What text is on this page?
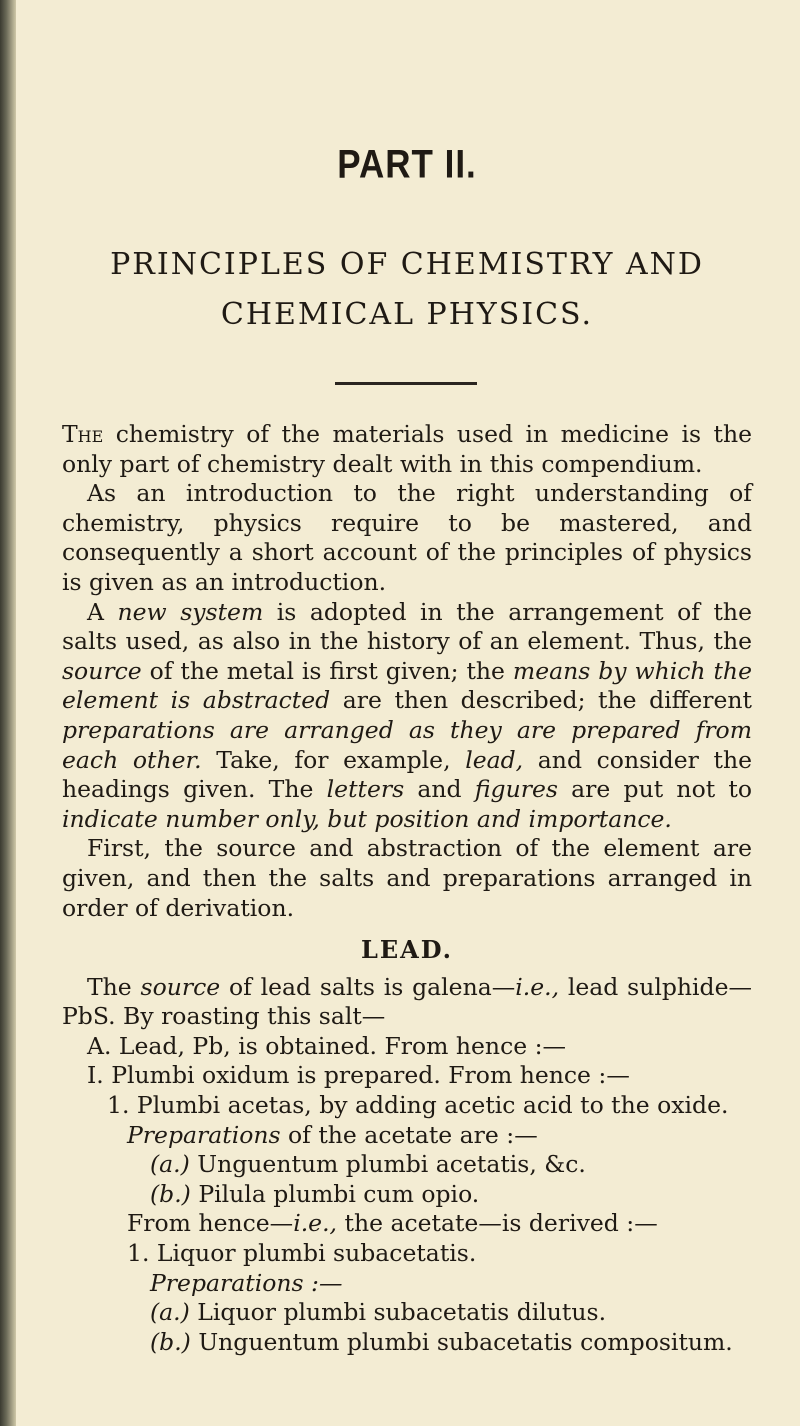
PART II.
PRINCIPLES OF CHEMISTRY AND
CHEMICAL PHYSICS.

The chemistry of the materials used in medicine is the only part of chemistry dealt with in this compendium.

As an introduction to the right understanding of chemistry, physics require to be mastered, and consequently a short account of the principles of physics is given as an introduction.

A new system is adopted in the arrangement of the salts used, as also in the history of an element. Thus, the source of the metal is first given; the means by which the element is abstracted are then described; the different preparations are arranged as they are prepared from each other. Take, for example, lead, and consider the headings given. The letters and figures are put not to indicate number only, but position and importance.

First, the source and abstraction of the element are given, and then the salts and preparations arranged in order of derivation.

LEAD.

The source of lead salts is galena—i.e., lead sulphide—PbS. By roasting this salt—

A. Lead, Pb, is obtained. From hence :—
I. Plumbi oxidum is prepared. From hence :—
1. Plumbi acetas, by adding acetic acid to the oxide.
Preparations of the acetate are :—
(a.) Unguentum plumbi acetatis, &c.
(b.) Pilula plumbi cum opio.
From hence—i.e., the acetate—is derived :—
1. Liquor plumbi subacetatis.
Preparations :—
(a.) Liquor plumbi subacetatis dilutus.
(b.) Unguentum plumbi subacetatis compositum.
